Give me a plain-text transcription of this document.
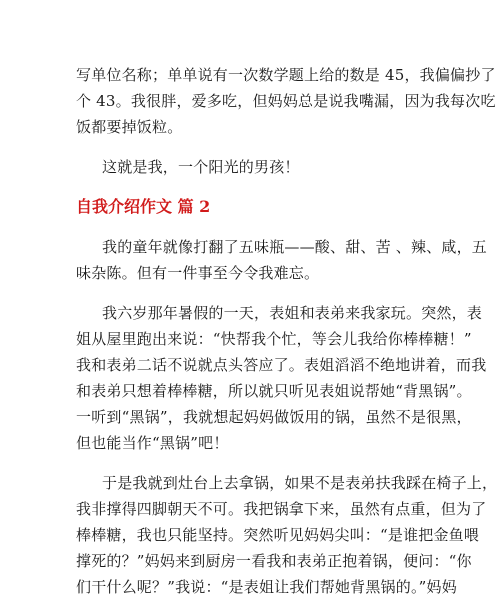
写单位名称；单单说有一次数学题上给的数是 45，我偏偏抄了
个 43。我很胖，爱多吃，但妈妈总是说我嘴漏，因为我每次吃
饭都要掉饭粒。

这就是我，一个阳光的男孩！

自我介绍作文 篇 2

我的童年就像打翻了五味瓶——酸、甜、苦 、辣、咸，五

味杂陈。但有一件事至今令我难忘。

我六岁那年暑假的一天，表姐和表弟来我家玩。突然，表

姐从屋里跑出来说：“快帮我个忙，等会儿我给你棒棒糖！”
我和表弟二话不说就点头答应了。表姐滔滔不绝地讲着，而我
和表弟只想着棒棒糖，所以就只听见表姐说帮她“背黑锅”。
一听到“黑锅”，我就想起妈妈做饭用的锅，虽然不是很黑，
但也能当作“黑锅”吧！

于是我就到灶台上去拿锅，如果不是表弟扶我踩在椅子上，

我非撑得四脚朝天不可。我把锅拿下来，虽然有点重，但为了
棒棒糖，我也只能坚持。突然听见妈妈尖叫：“是谁把金鱼喂
撑死的？”妈妈来到厨房一看我和表弟正抱着锅，便问：“你
们干什么呢？”我说：“是表姐让我们帮她背黑锅的。”妈妈
